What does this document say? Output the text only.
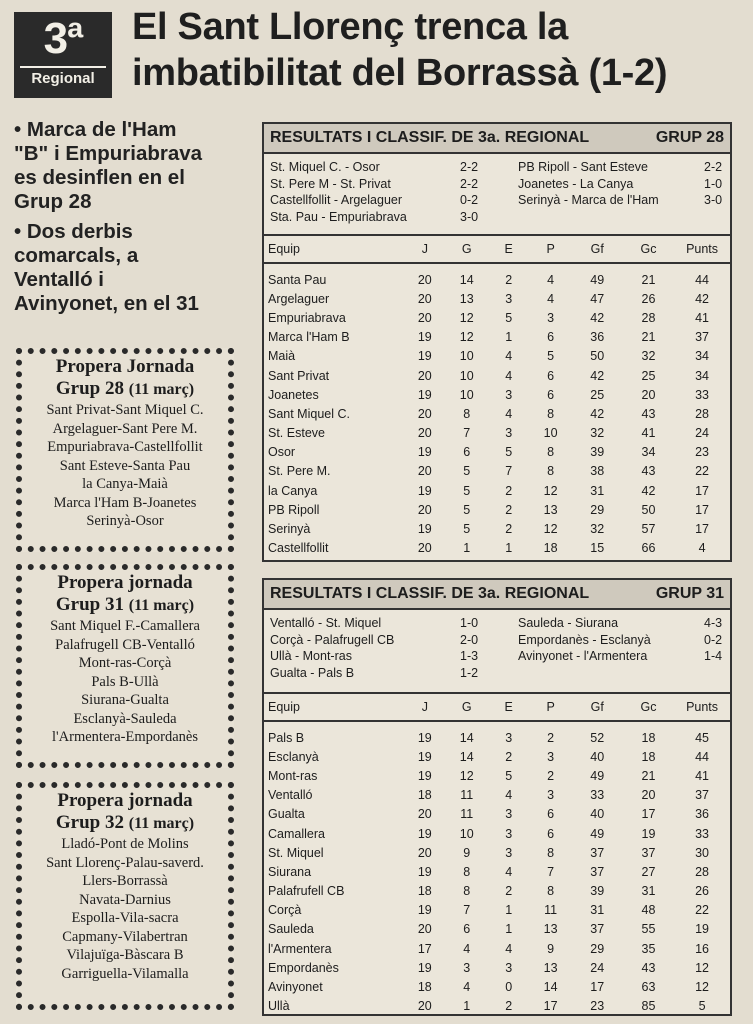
3ª
Regional
El Sant Llorenç trenca la
imbatibilitat del Borrassà (1-2)
• Marca de l'Ham
"B" i Empuriabrava
es desinflen en el
Grup 28
• Dos derbis
comarcals, a
Ventalló i
Avinyonet, en el 31
Propera Jornada
Grup 28 (11 març)
Sant Privat-Sant Miquel C.
Argelaguer-Sant Pere M.
Empuriabrava-Castellfollit
Sant Esteve-Santa Pau
la Canya-Maià
Marca l'Ham B-Joanetes
Serinyà-Osor
Propera jornada
Grup 31 (11 març)
Sant Miquel F.-Camallera
Palafrugell CB-Ventalló
Mont-ras-Corçà
Pals B-Ullà
Siurana-Gualta
Esclanyà-Sauleda
l'Armentera-Empordanès
Propera jornada
Grup 32 (11 març)
Lladó-Pont de Molins
Sant Llorenç-Palau-saverd.
Llers-Borrassà
Navata-Darnius
Espolla-Vila-sacra
Capmany-Vilabertran
Vilajuïga-Bàscara B
Garriguella-Vilamalla
RESULTATS I CLASSIF. DE 3a. REGIONAL	GRUP 28
St. Miquel C. - Osor	2-2
St. Pere M - St. Privat	2-2
Castellfollit - Argelaguer	0-2
Sta. Pau - Empuriabrava	3-0
PB Ripoll - Sant Esteve	2-2
Joanetes - La Canya	1-0
Serinyà - Marca de l'Ham	3-0
Equip	J	G	E	P	Gf	Gc	Punts

Santa Pau	20	14	2	4	49	21	44
Argelaguer	20	13	3	4	47	26	42
Empuriabrava	20	12	5	3	42	28	41
Marca l'Ham B	19	12	1	6	36	21	37
Maià	19	10	4	5	50	32	34
Sant Privat	20	10	4	6	42	25	34
Joanetes	19	10	3	6	25	20	33
Sant Miquel C.	20	8	4	8	42	43	28
St. Esteve	20	7	3	10	32	41	24
Osor	19	6	5	8	39	34	23
St. Pere M.	20	5	7	8	38	43	22
la Canya	19	5	2	12	31	42	17
PB Ripoll	20	5	2	13	29	50	17
Serinyà	19	5	2	12	32	57	17
Castellfollit	20	1	1	18	15	66	4
RESULTATS I CLASSIF. DE 3a. REGIONAL	GRUP 31
Ventalló - St. Miquel	1-0
Corçà - Palafrugell CB	2-0
Ullà - Mont-ras	1-3
Gualta - Pals B	1-2
Sauleda - Siurana	4-3
Empordanès - Esclanyà	0-2
Avinyonet - l'Armentera	1-4
Equip	J	G	E	P	Gf	Gc	Punts

Pals B	19	14	3	2	52	18	45
Esclanyà	19	14	2	3	40	18	44
Mont-ras	19	12	5	2	49	21	41
Ventalló	18	11	4	3	33	20	37
Gualta	20	11	3	6	40	17	36
Camallera	19	10	3	6	49	19	33
St. Miquel	20	9	3	8	37	37	30
Siurana	19	8	4	7	37	27	28
Palafrufell CB	18	8	2	8	39	31	26
Corçà	19	7	1	11	31	48	22
Sauleda	20	6	1	13	37	55	19
l'Armentera	17	4	4	9	29	35	16
Empordanès	19	3	3	13	24	43	12
Avinyonet	18	4	0	14	17	63	12
Ullà	20	1	2	17	23	85	5
